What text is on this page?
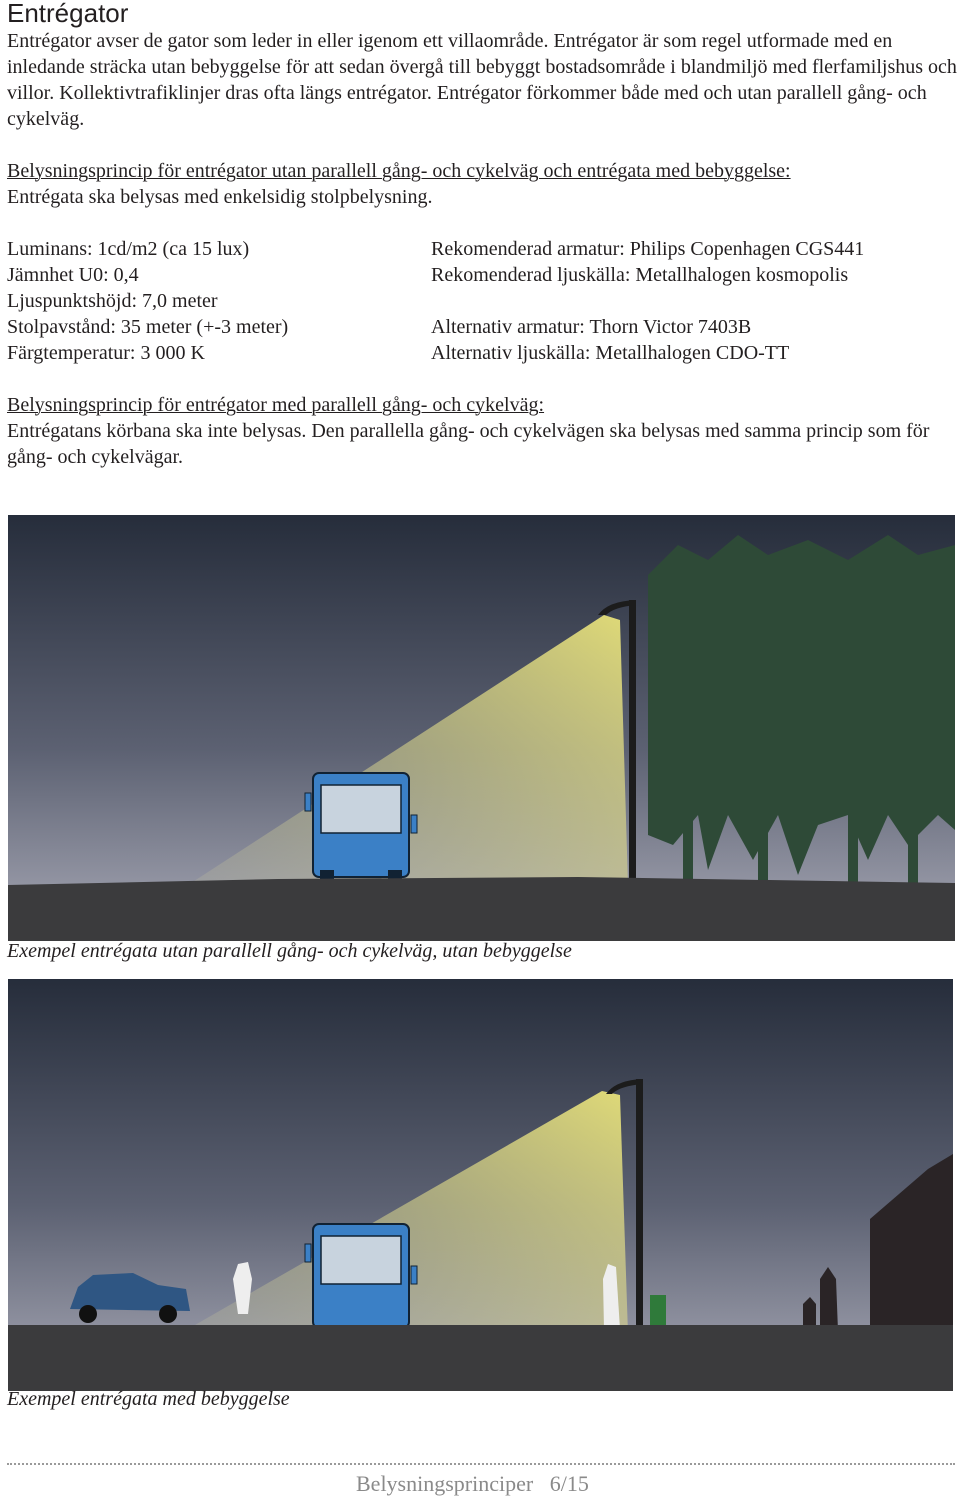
Entrégator
Entrégator avser de gator som leder in eller igenom ett villaområde. Entrégator är som regel utformade med en inledande sträcka utan bebyggelse för att sedan övergå till bebyggt bostadsområde i blandmiljö med flerfamiljshus och villor. Kollektivtrafiklinjer dras ofta längs entrégator. Entrégator förkommer både med och utan parallell gång- och cykelväg.
Belysningsprincip för entrégator utan parallell gång- och cykelväg och entrégata med bebyggelse:
Entrégata ska belysas med enkelsidig stolpbelysning.
Luminans: 1cd/m2 (ca 15 lux)
Jämnhet U0: 0,4
Ljuspunktshöjd: 7,0 meter
Stolpavstånd: 35 meter (+-3 meter)
Färgtemperatur: 3 000 K
Rekomenderad armatur: Philips Copenhagen CGS441
Rekomenderad ljuskälla: Metallhalogen kosmopolis
Alternativ armatur: Thorn Victor 7403B
Alternativ ljuskälla: Metallhalogen CDO-TT
Belysningsprincip för entrégator med parallell gång- och cykelväg:
Entrégatans körbana ska inte belysas. Den parallella gång- och cykelvägen ska belysas med samma princip som för gång- och cykelvägar.
Exempel entrégata utan parallell gång- och cykelväg, utan bebyggelse
Exempel entrégata med bebyggelse
Belysningsprinciper 6/15
